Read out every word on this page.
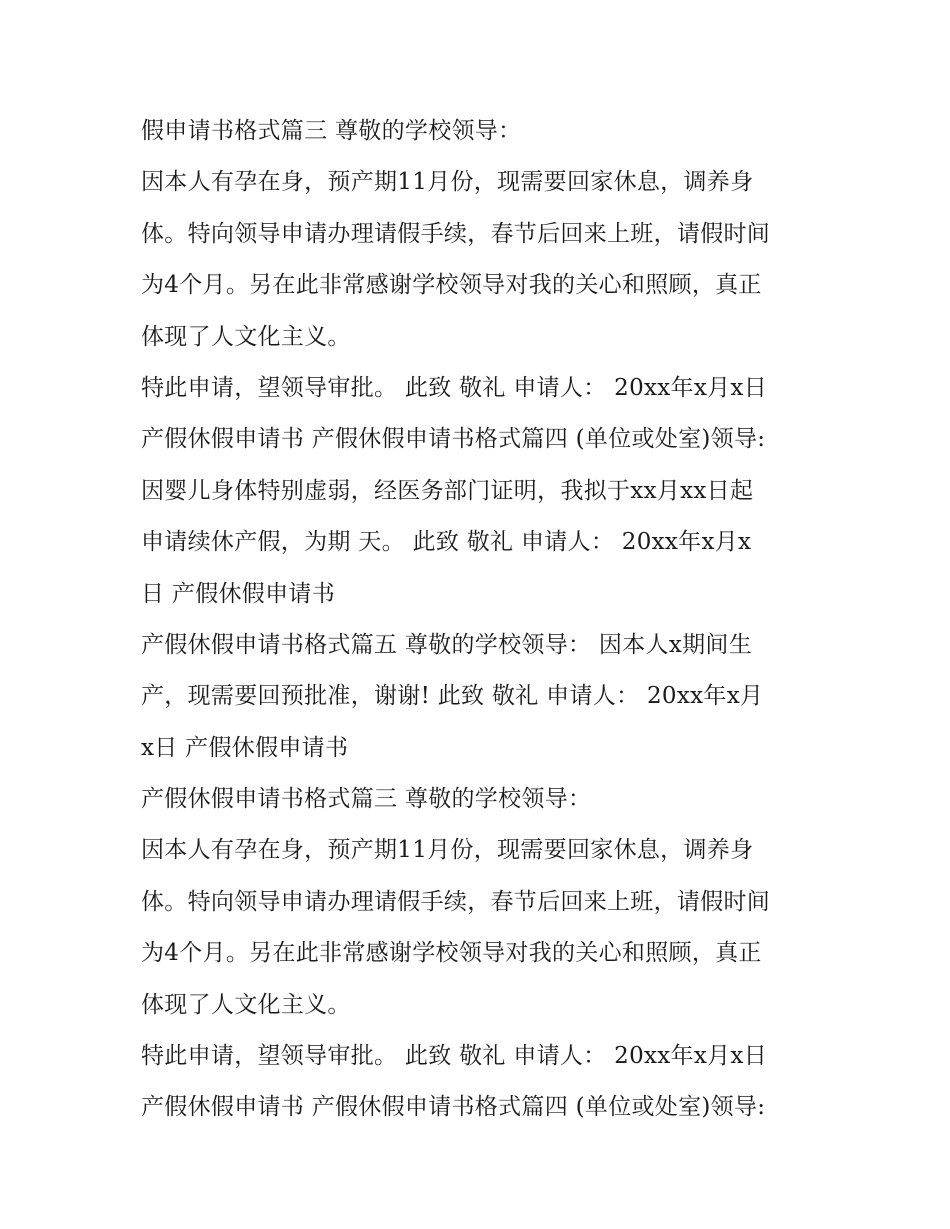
假申请书格式篇三 尊敬的学校领导：
因本人有孕在身，预产期11月份，现需要回家休息，调养身
体。特向领导申请办理请假手续，春节后回来上班，请假时间
为4个月。另在此非常感谢学校领导对我的关心和照顾，真正
体现了人文化主义。
特此申请，望领导审批。 此致 敬礼 申请人： 20xx年x月x日
产假休假申请书 产假休假申请书格式篇四 (单位或处室)领导:
因婴儿身体特别虚弱，经医务部门证明，我拟于xx月xx日起
申请续休产假，为期 天。 此致 敬礼 申请人： 20xx年x月x
日 产假休假申请书
产假休假申请书格式篇五 尊敬的学校领导： 因本人x期间生
产，现需要回预批准，谢谢! 此致 敬礼 申请人： 20xx年x月
x日 产假休假申请书
产假休假申请书格式篇三 尊敬的学校领导：
因本人有孕在身，预产期11月份，现需要回家休息，调养身
体。特向领导申请办理请假手续，春节后回来上班，请假时间
为4个月。另在此非常感谢学校领导对我的关心和照顾，真正
体现了人文化主义。
特此申请，望领导审批。 此致 敬礼 申请人： 20xx年x月x日
产假休假申请书 产假休假申请书格式篇四 (单位或处室)领导:
